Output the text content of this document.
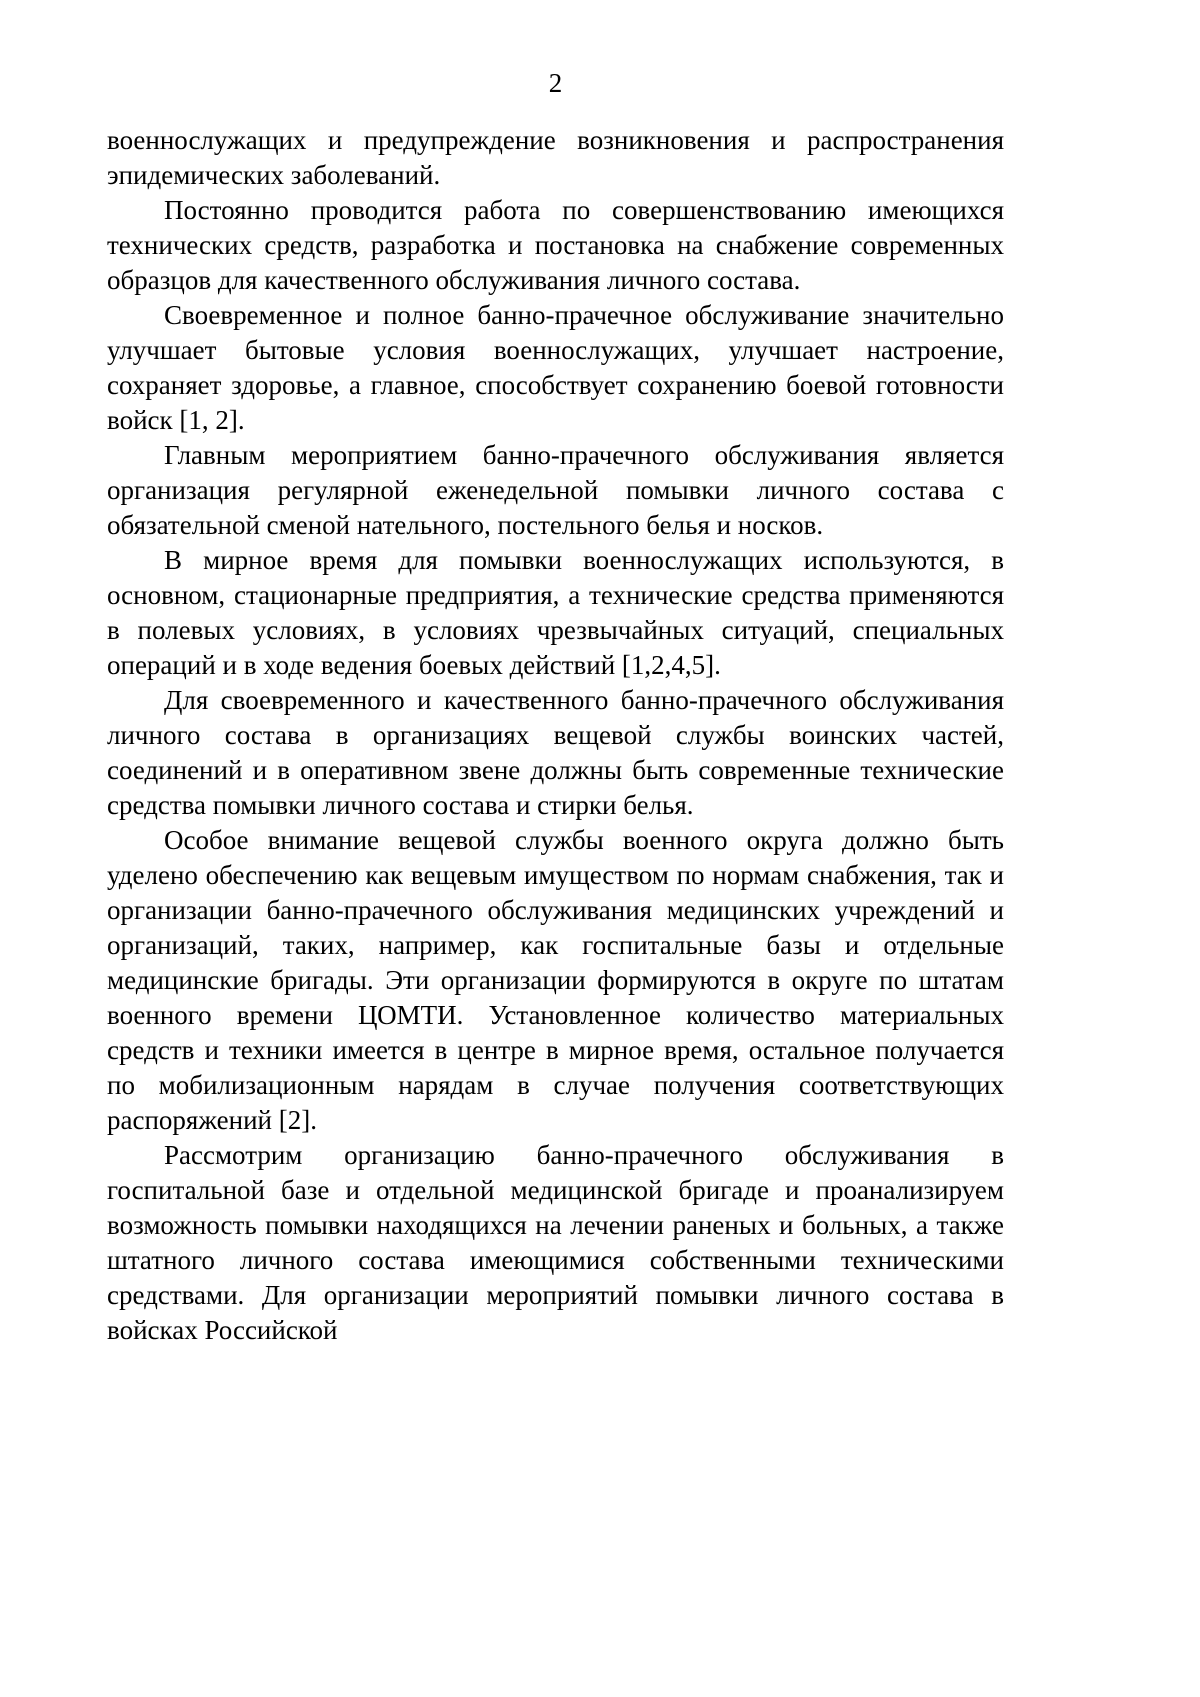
2

военнослужащих и предупреждение возникновения и распространения эпидемических заболеваний.

Постоянно проводится работа по совершенствованию имеющихся технических средств, разработка и постановка на снабжение современных образцов для качественного обслуживания личного состава.

Своевременное и полное банно-прачечное обслуживание значительно улучшает бытовые условия военнослужащих, улучшает настроение, сохраняет здоровье, а главное, способствует сохранению боевой готовности войск [1, 2].

Главным мероприятием банно-прачечного обслуживания является организация регулярной еженедельной помывки личного состава с обязательной сменой нательного, постельного белья и носков.

В мирное время для помывки военнослужащих используются, в основном, стационарные предприятия, а технические средства применяются в полевых условиях, в условиях чрезвычайных ситуаций, специальных операций и в ходе ведения боевых действий [1,2,4,5].

Для своевременного и качественного банно-прачечного обслуживания личного состава в организациях вещевой службы воинских частей, соединений и в оперативном звене должны быть современные технические средства помывки личного состава и стирки белья.

Особое внимание вещевой службы военного округа должно быть уделено обеспечению как вещевым имуществом по нормам снабжения, так и организации банно-прачечного обслуживания медицинских учреждений и организаций, таких, например, как госпитальные базы и отдельные медицинские бригады. Эти организации формируются в округе по штатам военного времени ЦОМТИ. Установленное количество материальных средств и техники имеется в центре в мирное время, остальное получается по мобилизационным нарядам в случае получения соответствующих распоряжений [2].

Рассмотрим организацию банно-прачечного обслуживания в госпитальной базе и отдельной медицинской бригаде и проанализируем возможность помывки находящихся на лечении раненых и больных, а также штатного личного состава имеющимися собственными техническими средствами. Для организации мероприятий помывки личного состава в войсках Российской
